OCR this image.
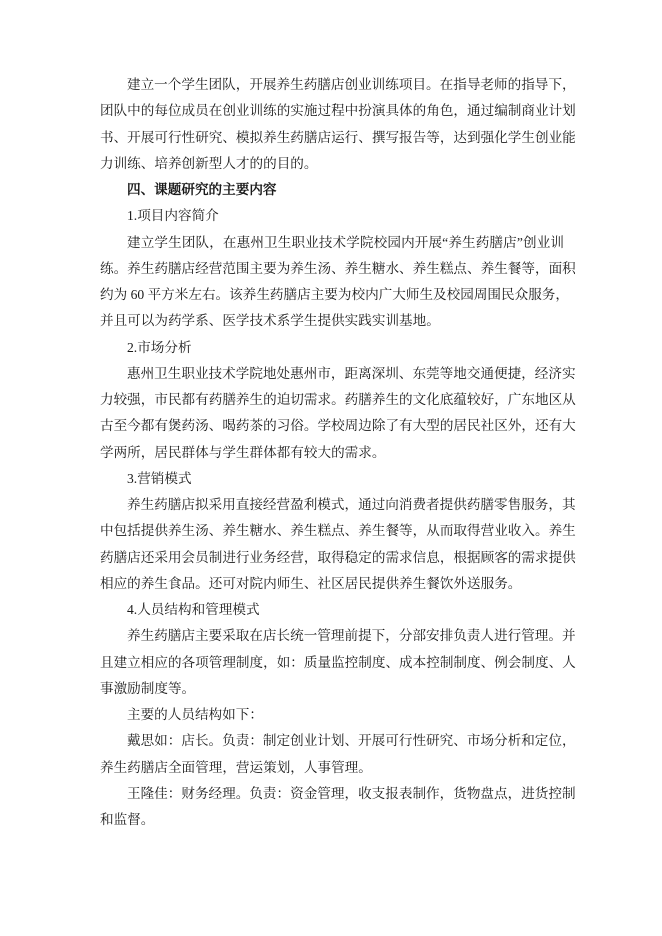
建立一个学生团队，开展养生药膳店创业训练项目。在指导老师的指导下，
团队中的每位成员在创业训练的实施过程中扮演具体的角色，通过编制商业计划
书、开展可行性研究、模拟养生药膳店运行、撰写报告等，达到强化学生创业能
力训练、培养创新型人才的的目的。
四、课题研究的主要内容
1.项目内容简介
建立学生团队，在惠州卫生职业技术学院校园内开展“养生药膳店”创业训
练。养生药膳店经营范围主要为养生汤、养生糖水、养生糕点、养生餐等，面积
约为 60 平方米左右。该养生药膳店主要为校内广大师生及校园周围民众服务，
并且可以为药学系、医学技术系学生提供实践实训基地。
2.市场分析
惠州卫生职业技术学院地处惠州市，距离深圳、东莞等地交通便捷，经济实
力较强，市民都有药膳养生的迫切需求。药膳养生的文化底蕴较好，广东地区从
古至今都有煲药汤、喝药茶的习俗。学校周边除了有大型的居民社区外，还有大
学两所，居民群体与学生群体都有较大的需求。
3.营销模式
养生药膳店拟采用直接经营盈利模式，通过向消费者提供药膳零售服务，其
中包括提供养生汤、养生糖水、养生糕点、养生餐等，从而取得营业收入。养生
药膳店还采用会员制进行业务经营，取得稳定的需求信息，根据顾客的需求提供
相应的养生食品。还可对院内师生、社区居民提供养生餐饮外送服务。
4.人员结构和管理模式
养生药膳店主要采取在店长统一管理前提下，分部安排负责人进行管理。并
且建立相应的各项管理制度，如：质量监控制度、成本控制制度、例会制度、人
事激励制度等。
主要的人员结构如下：
戴思如：店长。负责：制定创业计划、开展可行性研究、市场分析和定位，
养生药膳店全面管理，营运策划，人事管理。
王隆佳：财务经理。负责：资金管理，收支报表制作，货物盘点，进货控制
和监督。
